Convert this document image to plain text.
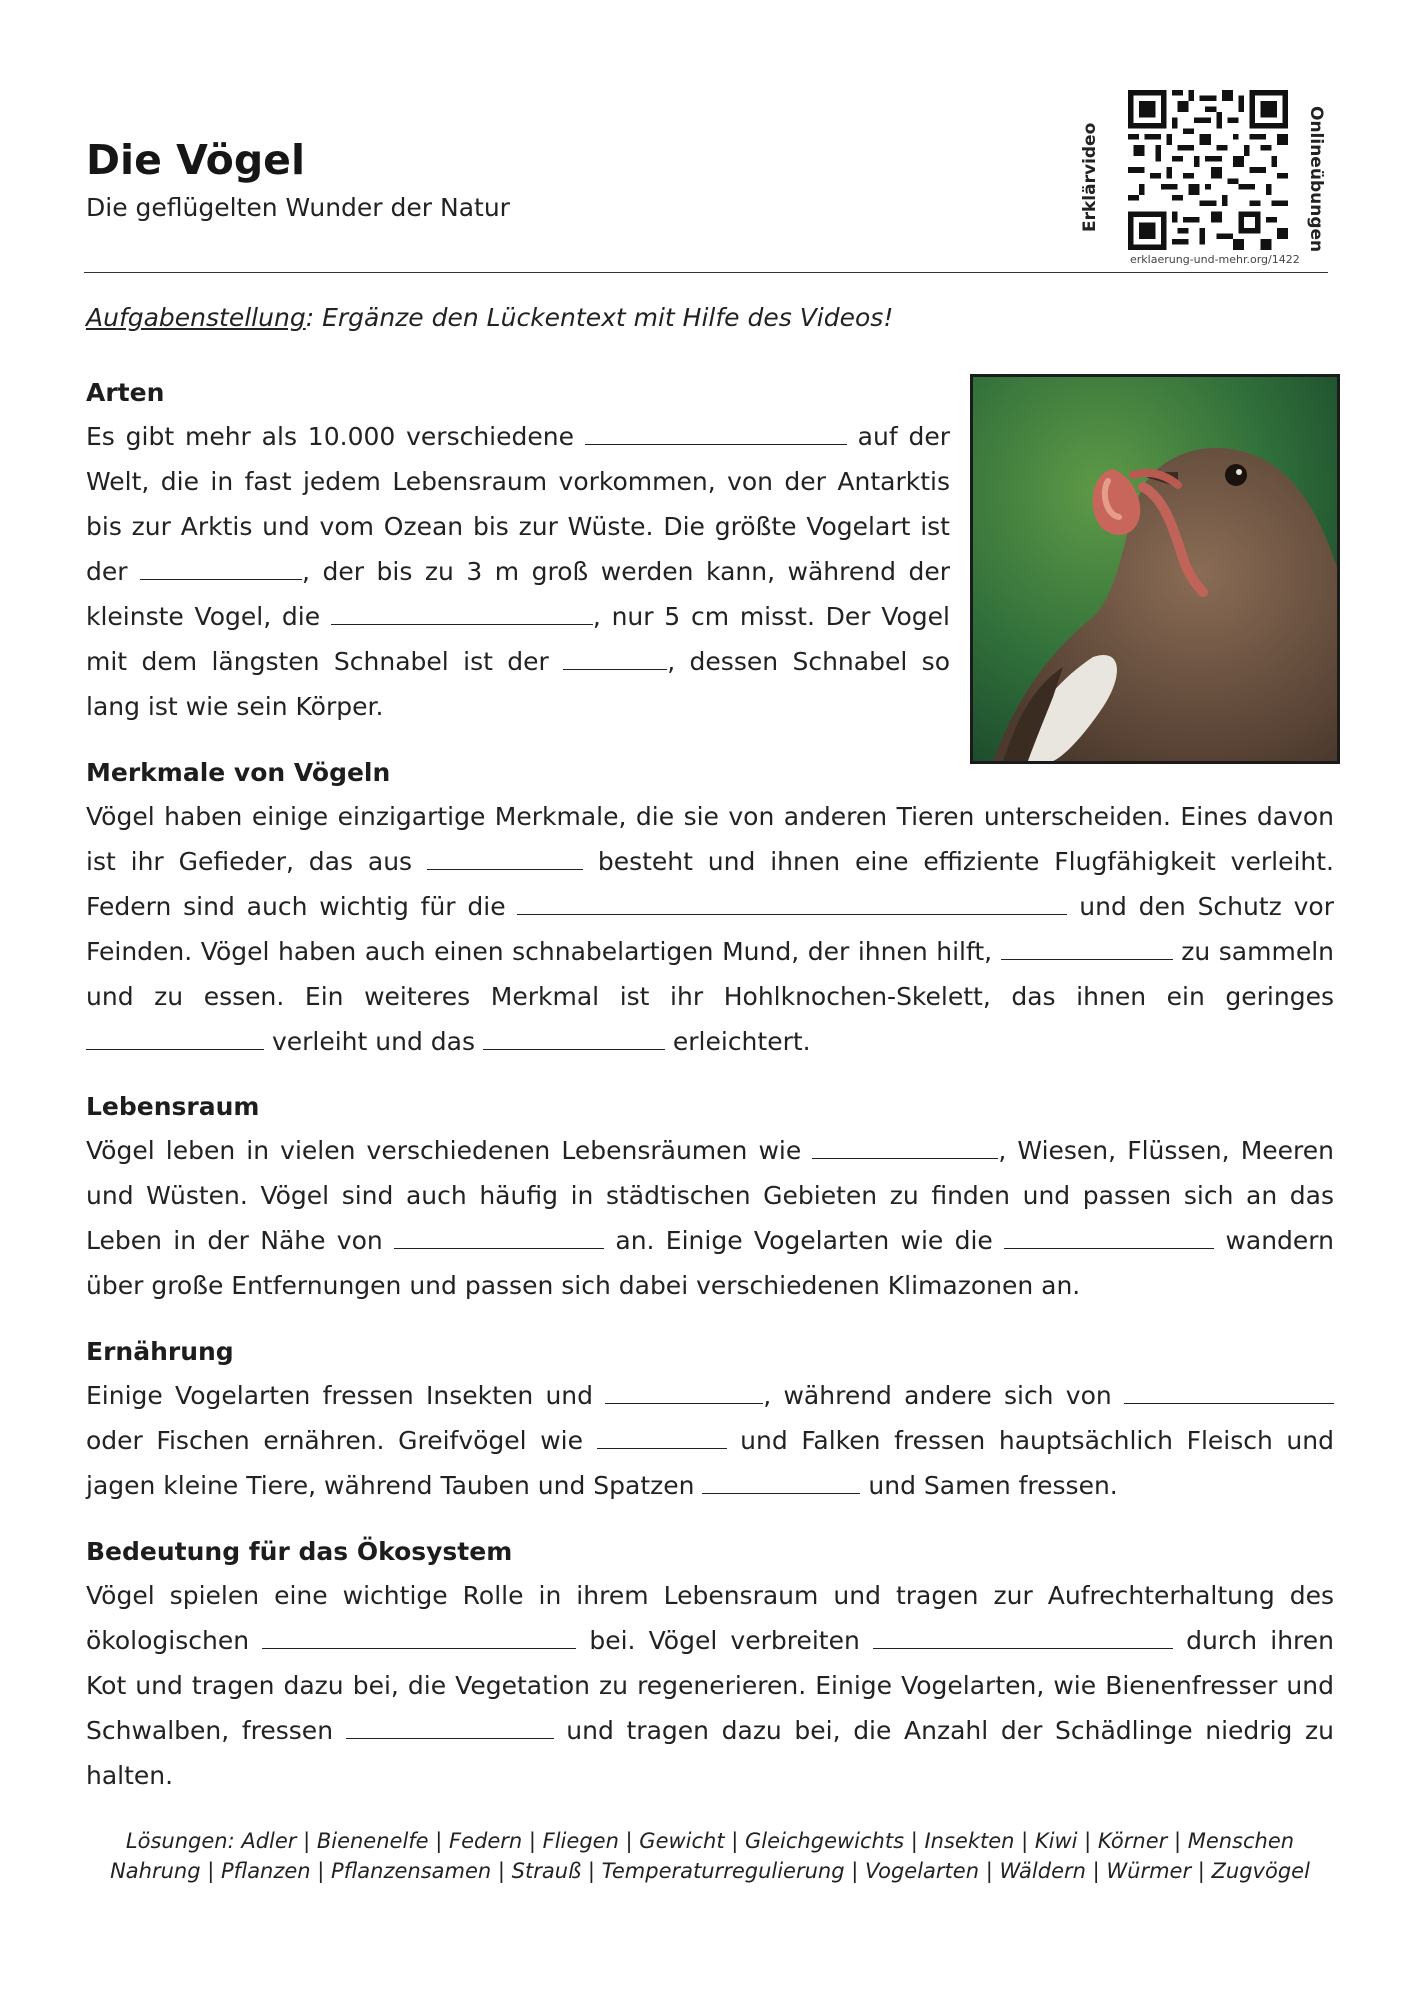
Die Vögel
Die geflügelten Wunder der Natur	Erklärvideo	Onlineübungen
erklaerung-und-mehr.org/1422
Aufgabenstellung: Ergänze den Lückentext mit Hilfe des Videos!
Arten
Es gibt mehr als 10.000 verschiedene	auf der Welt, die in fast jedem Lebensraum vorkommen, von der Antarktis bis zur Arktis und vom Ozean bis zur Wüste. Die größte Vogelart ist der	, der bis zu 3 m groß werden kann, während der kleinste Vogel, die	, nur 5 cm misst. Der Vogel mit dem längsten Schnabel ist der	, dessen Schnabel so lang ist wie sein Körper.
Merkmale von Vögeln
Vögel haben einige einzigartige Merkmale, die sie von anderen Tieren unterscheiden. Eines davon ist ihr Gefieder, das aus	besteht und ihnen eine effiziente Flugfähigkeit verleiht. Federn sind auch wichtig für die	und den Schutz vor Feinden. Vögel haben auch einen schnabelartigen Mund, der ihnen hilft,	zu sammeln und zu essen. Ein weiteres Merkmal ist ihr Hohlknochen-Skelett, das ihnen ein geringes  verleiht und das	erleichtert.
Lebensraum
Vögel leben in vielen verschiedenen Lebensräumen wie	, Wiesen, Flüssen, Meeren und Wüsten. Vögel sind auch häufig in städtischen Gebieten zu finden und passen sich an das Leben in der Nähe von	an. Einige Vogelarten wie die	wandern über große Entfernungen und passen sich dabei verschiedenen Klimazonen an.
Ernährung
Einige Vogelarten fressen Insekten und	, während andere sich von  oder Fischen ernähren. Greifvögel wie	und Falken fressen hauptsächlich Fleisch und jagen kleine Tiere, während Tauben und Spatzen	und Samen fressen.
Bedeutung für das Ökosystem
Vögel spielen eine wichtige Rolle in ihrem Lebensraum und tragen zur Aufrechterhaltung des ökologischen	bei. Vögel verbreiten	durch ihren Kot und tragen dazu bei, die Vegetation zu regenerieren. Einige Vogelarten, wie Bienenfresser und Schwalben, fressen	und tragen dazu bei, die Anzahl der Schädlinge niedrig zu halten.
Lösungen: Adler | Bienenelfe | Federn | Fliegen | Gewicht | Gleichgewichts | Insekten | Kiwi | Körner | Menschen
Nahrung | Pflanzen | Pflanzensamen | Strauß | Temperaturregulierung | Vogelarten | Wäldern | Würmer | Zugvögel
